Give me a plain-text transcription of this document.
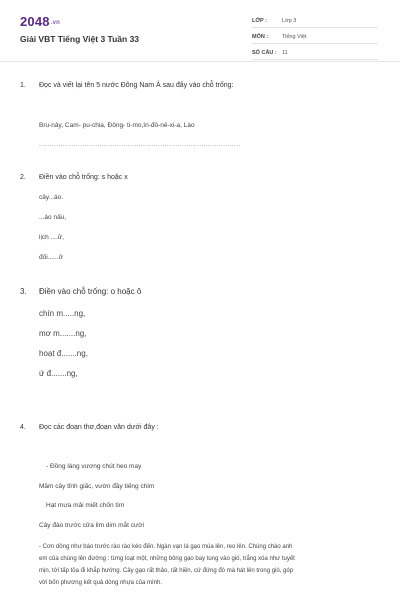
2048.vn
Giải VBT Tiếng Việt 3 Tuần 33
LỚP :	Lớp 3
MÔN :	Tiếng Việt
SỐ CÂU : 11
1. Đọc và viết lại tên 5 nước Đông Nam Á sau đây vào chỗ trống:
Bru-nây, Cam- pu-chia, Đông- ti-mo,In-đô-nê-xi-a, Lào
.............................................................................................
2. Điền vào chỗ trống: s hoặc x
cây...áo.
...áo nấu,
lịch ....ử,
đối......ử
3. Điền vào chỗ trống: o hoặc ô
chín m.....ng,
mơ m.......ng,
hoạt đ.......ng,
ứ đ.......ng,
4. Đọc các đoạn thơ,đoạn văn dưới đây :
- Đồng làng vương chút heo may
Mầm cây tỉnh giấc, vườn đầy tiếng chim
Hạt mưa mải miết chốn tìm
Cây đào trước cửa lim dim mắt cười
- Cơn dông như báo trước rào rào kéo đến. Ngàn vạn lá gạo múa lên, reo lên. Chúng chào anh
em của chúng lên đường : từng loạt một, những bông gạo bay tung vào gió, trắng xóa như tuyết
mịn, tới tấp tỏa đi khắp hướng. Cây gạo rất thảo, rất hiền, cứ đứng đó mà hát lên trong gió, góp
vời bốn phương kết quả dòng nhựa của mình.
